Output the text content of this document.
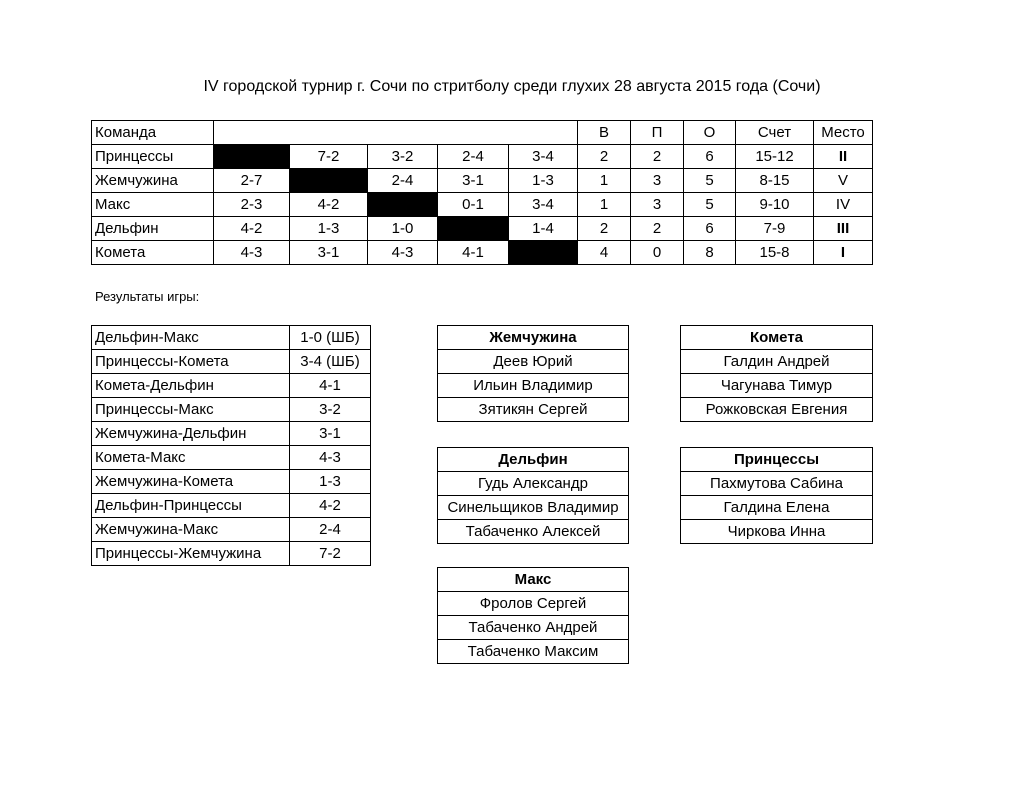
IV городской турнир г. Сочи по стритболу среди глухих 28 августа 2015 года (Сочи)
Команда						В	П	О	Счет	Место
Принцессы		7-2	3-2	2-4	3-4	2	2	6	15-12	II
Жемчужина	2-7		2-4	3-1	1-3	1	3	5	8-15	V
Макс	2-3	4-2		0-1	3-4	1	3	5	9-10	IV
Дельфин	4-2	1-3	1-0		1-4	2	2	6	7-9	III
Комета	4-3	3-1	4-3	4-1		4	0	8	15-8	I
Результаты игры:
Дельфин-Макс	1-0 (ШБ)
Принцессы-Комета	3-4 (ШБ)
Комета-Дельфин	4-1
Принцессы-Макс	3-2
Жемчужина-Дельфин	3-1
Комета-Макс	4-3
Жемчужина-Комета	1-3
Дельфин-Принцессы	4-2
Жемчужина-Макс	2-4
Принцессы-Жемчужина	7-2
Жемчужина
Деев Юрий
Ильин Владимир
Зятикян Сергей
Комета
Галдин Андрей
Чагунава Тимур
Рожковская Евгения
Дельфин
Гудь Александр
Синельщиков Владимир
Табаченко Алексей
Принцессы
Пахмутова Сабина
Галдина Елена
Чиркова Инна
Макс
Фролов Сергей
Табаченко Андрей
Табаченко Максим
